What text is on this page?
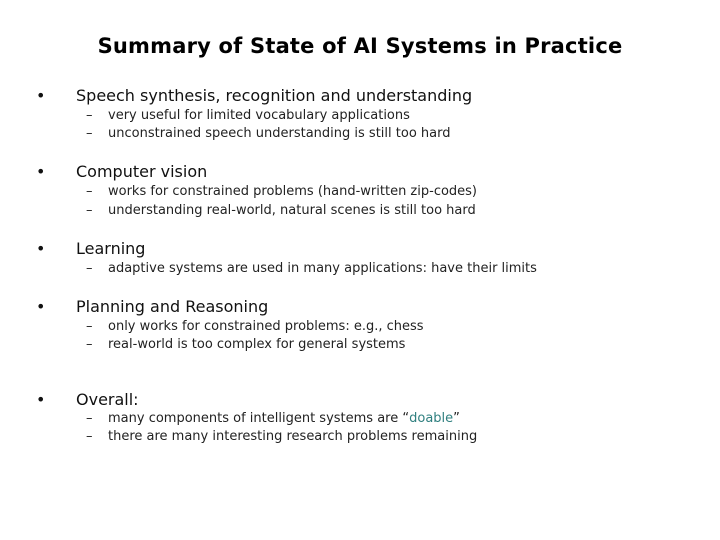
Summary of State of AI Systems in Practice
•	Speech synthesis, recognition and understanding
– very useful for limited vocabulary applications
– unconstrained speech understanding is still too hard
•	Computer vision
– works for constrained problems (hand-written zip-codes)
– understanding real-world, natural scenes is still too hard
•	Learning
– adaptive systems are used in many applications: have their limits
•	Planning and Reasoning
– only works for constrained problems: e.g., chess
– real-world is too complex for general systems
•	Overall:
– many components of intelligent systems are “doable”
– there are many interesting research problems remaining
